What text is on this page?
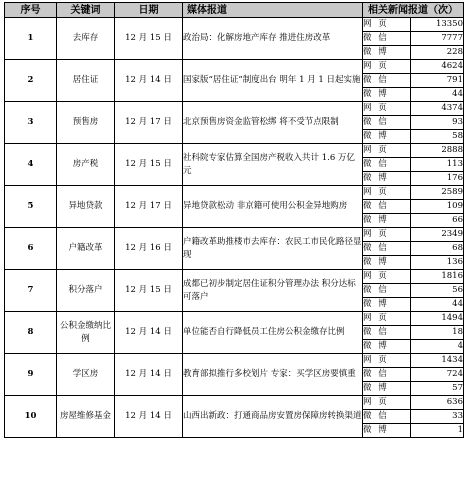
序号	关键词	日期	媒体报道	相关新闻报道（次）	
1	去库存	12 月 15 日	政治局：化解房地产库存 推进住房改革	网 页	13350
				微 信	7777
				微 博	228
2	居住证	12 月 14 日	国家版“居住证”制度出台 明年 1 月 1 日起实施	网 页	4624
				微 信	791
				微 博	44
3	预售房	12 月 17 日	北京预售房资金监管松绑 将不受节点限制	网 页	4374
				微 信	93
				微 博	58
4	房产税	12 月 15 日	社科院专家估算全国房产税收入共计 1.6 万亿元	网 页	2888
				微 信	113
				微 博	176
5	异地贷款	12 月 17 日	异地贷款松动 非京籍可使用公积金异地购房	网 页	2589
				微 信	109
				微 博	66
6	户籍改革	12 月 16 日	户籍改革助推楼市去库存：农民工市民化路径显现	网 页	2349
				微 信	68
				微 博	136
7	积分落户	12 月 15 日	成都已初步制定居住证积分管理办法 积分达标可落户	网 页	1816
				微 信	56
				微 博	44
8	公积金缴纳比例	12 月 14 日	单位能否自行降低员工住房公积金缴存比例	网 页	1494
				微 信	18
				微 博	4
9	学区房	12 月 14 日	教育部拟推行多校划片 专家：买学区房要慎重	网 页	1434
				微 信	724
				微 博	57
10	房屋维修基金	12 月 14 日	山西出新政：打通商品房安置房保障房转换渠道	网 页	636
				微 信	33
				微 博	1
